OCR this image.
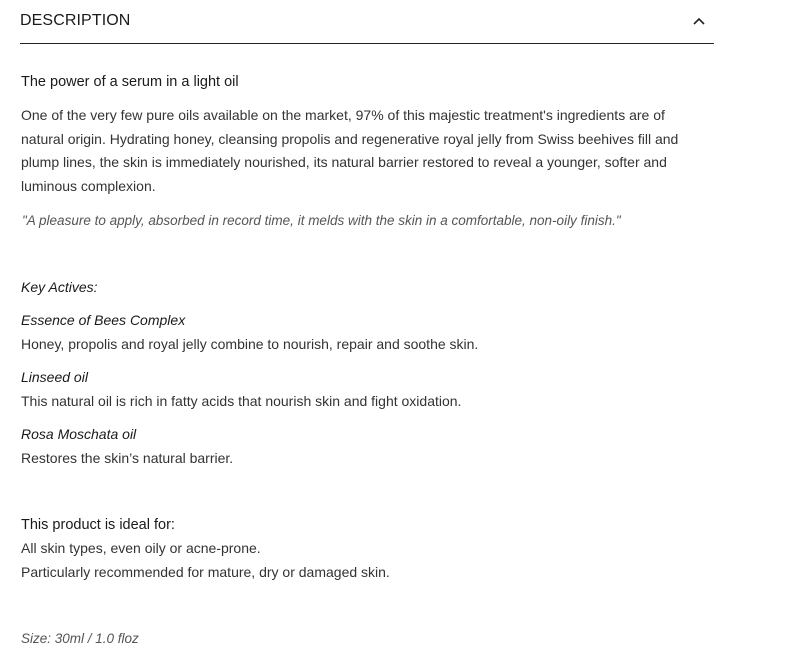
DESCRIPTION

The power of a serum in a light oil

One of the very few pure oils available on the market, 97% of this majestic treatment's ingredients are of natural origin. Hydrating honey, cleansing propolis and regenerative royal jelly from Swiss beehives fill and plump lines, the skin is immediately nourished, its natural barrier restored to reveal a younger, softer and luminous complexion.

"A pleasure to apply, absorbed in record time, it melds with the skin in a comfortable, non-oily finish."

Key Actives:

Essence of Bees Complex

Honey, propolis and royal jelly combine to nourish, repair and soothe skin.

Linseed oil

This natural oil is rich in fatty acids that nourish skin and fight oxidation.

Rosa Moschata oil

Restores the skin’s natural barrier.

This product is ideal for:

All skin types, even oily or acne-prone.

Particularly recommended for mature, dry or damaged skin.

Size: 30ml / 1.0 floz
